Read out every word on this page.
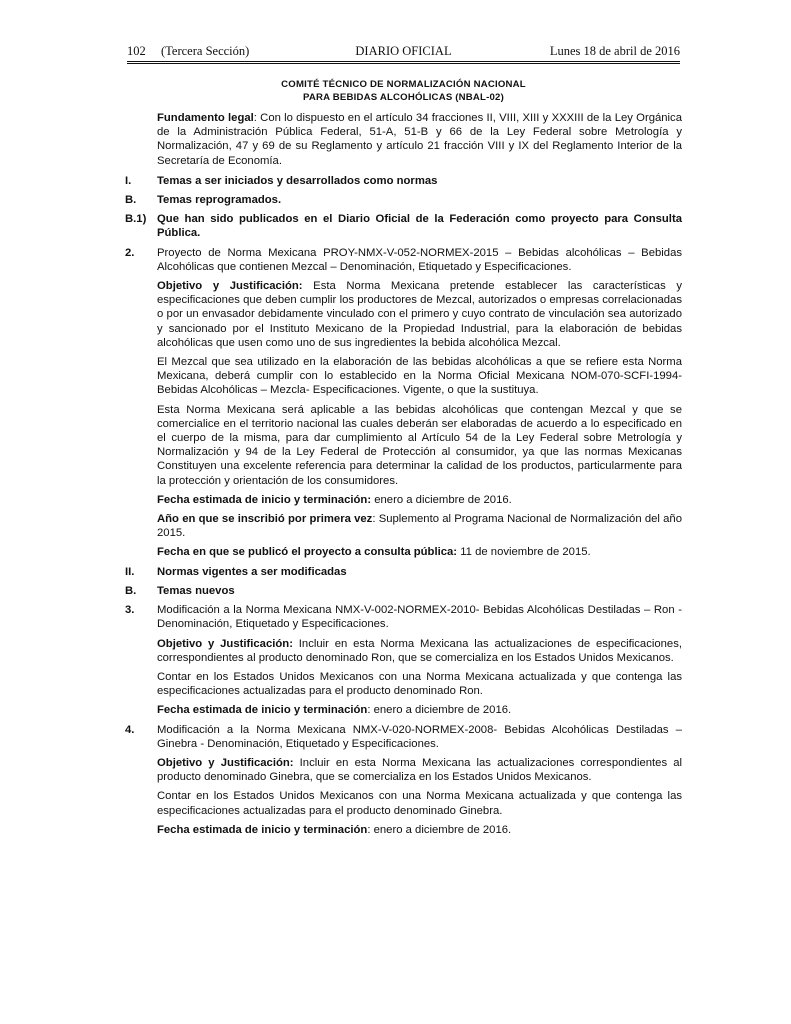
102 (Tercera Sección)	DIARIO OFICIAL	Lunes 18 de abril de 2016
COMITÉ TÉCNICO DE NORMALIZACIÓN NACIONAL
PARA BEBIDAS ALCOHÓLICAS (NBAL-02)
Fundamento legal: Con lo dispuesto en el artículo 34 fracciones II, VIII, XIII y XXXIII de la Ley Orgánica de la Administración Pública Federal, 51-A, 51-B y 66 de la Ley Federal sobre Metrología y Normalización, 47 y 69 de su Reglamento y artículo 21 fracción VIII y IX del Reglamento Interior de la Secretaría de Economía.
I.	Temas a ser iniciados y desarrollados como normas
B.	Temas reprogramados.
B.1) Que han sido publicados en el Diario Oficial de la Federación como proyecto para Consulta Pública.
2.	Proyecto de Norma Mexicana PROY-NMX-V-052-NORMEX-2015 – Bebidas alcohólicas – Bebidas Alcohólicas que contienen Mezcal – Denominación, Etiquetado y Especificaciones.
Objetivo y Justificación: Esta Norma Mexicana pretende establecer las características y especificaciones que deben cumplir los productores de Mezcal, autorizados o empresas correlacionadas o por un envasador debidamente vinculado con el primero y cuyo contrato de vinculación sea autorizado y sancionado por el Instituto Mexicano de la Propiedad Industrial, para la elaboración de bebidas alcohólicas que usen como uno de sus ingredientes la bebida alcohólica Mezcal.
El Mezcal que sea utilizado en la elaboración de las bebidas alcohólicas a que se refiere esta Norma Mexicana, deberá cumplir con lo establecido en la Norma Oficial Mexicana NOM-070-SCFI-1994- Bebidas Alcohólicas – Mezcla- Especificaciones. Vigente, o que la sustituya.
Esta Norma Mexicana será aplicable a las bebidas alcohólicas que contengan Mezcal y que se comercialice en el territorio nacional las cuales deberán ser elaboradas de acuerdo a lo especificado en el cuerpo de la misma, para dar cumplimiento al Artículo 54 de la Ley Federal sobre Metrología y Normalización y 94 de la Ley Federal de Protección al consumidor, ya que las normas Mexicanas Constituyen una excelente referencia para determinar la calidad de los productos, particularmente para la protección y orientación de los consumidores.
Fecha estimada de inicio y terminación: enero a diciembre de 2016.
Año en que se inscribió por primera vez: Suplemento al Programa Nacional de Normalización del año 2015.
Fecha en que se publicó el proyecto a consulta pública: 11 de noviembre de 2015.
II.	Normas vigentes a ser modificadas
B.	Temas nuevos
3.	Modificación a la Norma Mexicana NMX-V-002-NORMEX-2010- Bebidas Alcohólicas Destiladas – Ron - Denominación, Etiquetado y Especificaciones.
Objetivo y Justificación: Incluir en esta Norma Mexicana las actualizaciones de especificaciones, correspondientes al producto denominado Ron, que se comercializa en los Estados Unidos Mexicanos.
Contar en los Estados Unidos Mexicanos con una Norma Mexicana actualizada y que contenga las especificaciones actualizadas para el producto denominado Ron.
Fecha estimada de inicio y terminación: enero a diciembre de 2016.
4.	Modificación a la Norma Mexicana NMX-V-020-NORMEX-2008- Bebidas Alcohólicas Destiladas – Ginebra - Denominación, Etiquetado y Especificaciones.
Objetivo y Justificación: Incluir en esta Norma Mexicana las actualizaciones correspondientes al producto denominado Ginebra, que se comercializa en los Estados Unidos Mexicanos.
Contar en los Estados Unidos Mexicanos con una Norma Mexicana actualizada y que contenga las especificaciones actualizadas para el producto denominado Ginebra.
Fecha estimada de inicio y terminación: enero a diciembre de 2016.
